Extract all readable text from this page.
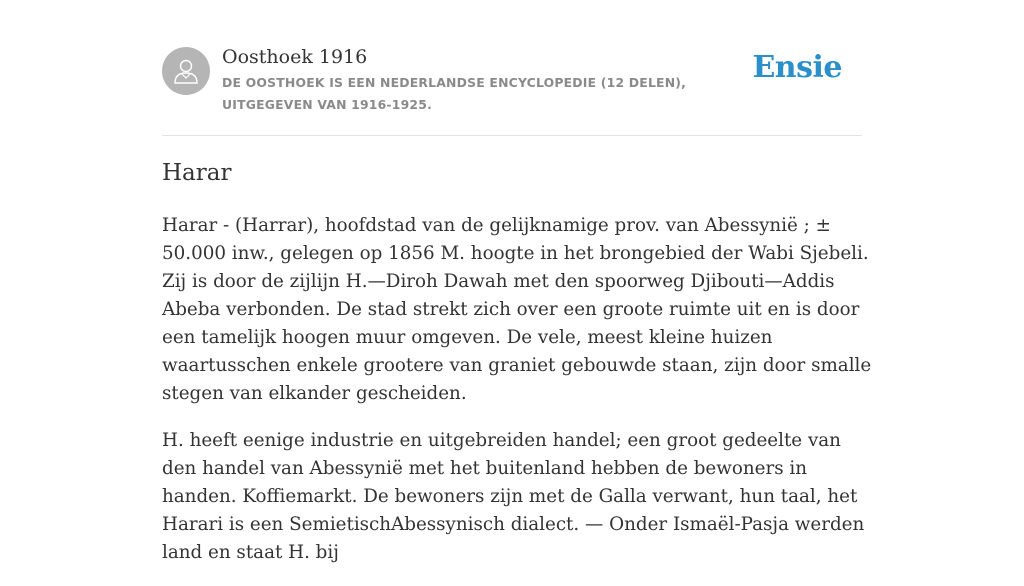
Oosthoek 1916
DE OOSTHOEK IS EEN NEDERLANDSE ENCYCLOPEDIE (12 DELEN), UITGEGEVEN VAN 1916-1925.
Ensie
Harar

Harar - (Harrar), hoofdstad van de gelijknamige prov. van Abessynië ; ± 50.000 inw., gelegen op 1856 M. hoogte in het brongebied der Wabi Sjebeli. Zij is door de zijlijn H.—Diroh Dawah met den spoorweg Djibouti—Addis Abeba verbonden. De stad strekt zich over een groote ruimte uit en is door een tamelijk hoogen muur omgeven. De vele, meest kleine huizen waartusschen enkele grootere van graniet gebouwde staan, zijn door smalle stegen van elkander gescheiden.

H. heeft eenige industrie en uitgebreiden handel; een groot gedeelte van den handel van Abessynië met het buitenland hebben de bewoners in handen. Koffiemarkt. De bewoners zijn met de Galla verwant, hun taal, het Harari is een SemietischAbessynisch dialect. — Onder Ismaël-Pasja werden land en staat H. bij
